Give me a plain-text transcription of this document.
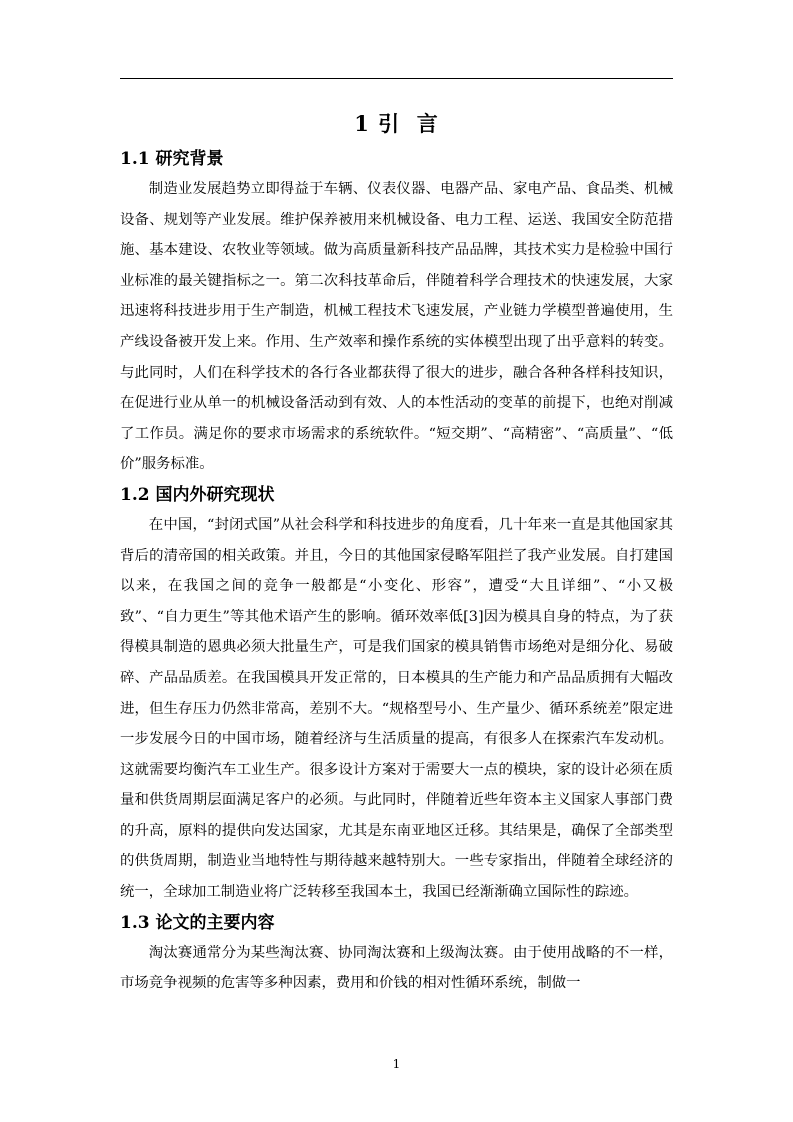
1 引  言
1.1 研究背景

制造业发展趋势立即得益于车辆、仪表仪器、电器产品、家电产品、食品类、机械设备、规划等产业发展。维护保养被用来机械设备、电力工程、运送、我国安全防范措施、基本建设、农牧业等领域。做为高质量新科技产品品牌，其技术实力是检验中国行业标准的最关键指标之一。第二次科技革命后，伴随着科学合理技术的快速发展，大家迅速将科技进步用于生产制造，机械工程技术飞速发展，产业链力学模型普遍使用，生产线设备被开发上来。作用、生产效率和操作系统的实体模型出现了出乎意料的转变。与此同时，人们在科学技术的各行各业都获得了很大的进步，融合各种各样科技知识，在促进行业从单一的机械设备活动到有效、人的本性活动的变革的前提下，也绝对削减了工作员。满足你的要求市场需求的系统软件。“短交期”、“高精密”、“高质量”、“低价”服务标准。

1.2 国内外研究现状

在中国，“封闭式国”从社会科学和科技进步的角度看，几十年来一直是其他国家其背后的清帝国的相关政策。并且，今日的其他国家侵略军阻拦了我产业发展。自打建国以来，在我国之间的竞争一般都是“小变化、形容”，遭受“大且详细”、“小又极致”、“自力更生”等其他术语产生的影响。循环效率低[3]因为模具自身的特点，为了获得模具制造的恩典必须大批量生产，可是我们国家的模具销售市场绝对是细分化、易破碎、产品品质差。在我国模具开发正常的，日本模具的生产能力和产品品质拥有大幅改进，但生存压力仍然非常高，差别不大。“规格型号小、生产量少、循环系统差”限定进一步发展今日的中国市场，随着经济与生活质量的提高，有很多人在探索汽车发动机。这就需要均衡汽车工业生产。很多设计方案对于需要大一点的模块，家的设计必须在质量和供货周期层面满足客户的必须。与此同时，伴随着近些年资本主义国家人事部门费的升高，原料的提供向发达国家，尤其是东南亚地区迁移。其结果是，确保了全部类型的供货周期，制造业当地特性与期待越来越特别大。一些专家指出，伴随着全球经济的统一，全球加工制造业将广泛转移至我国本土，我国已经渐渐确立国际性的踪迹。

1.3 论文的主要内容

淘汰赛通常分为某些淘汰赛、协同淘汰赛和上级淘汰赛。由于使用战略的不一样，市场竞争视频的危害等多种因素，费用和价钱的相对性循环系统，制做一

1
